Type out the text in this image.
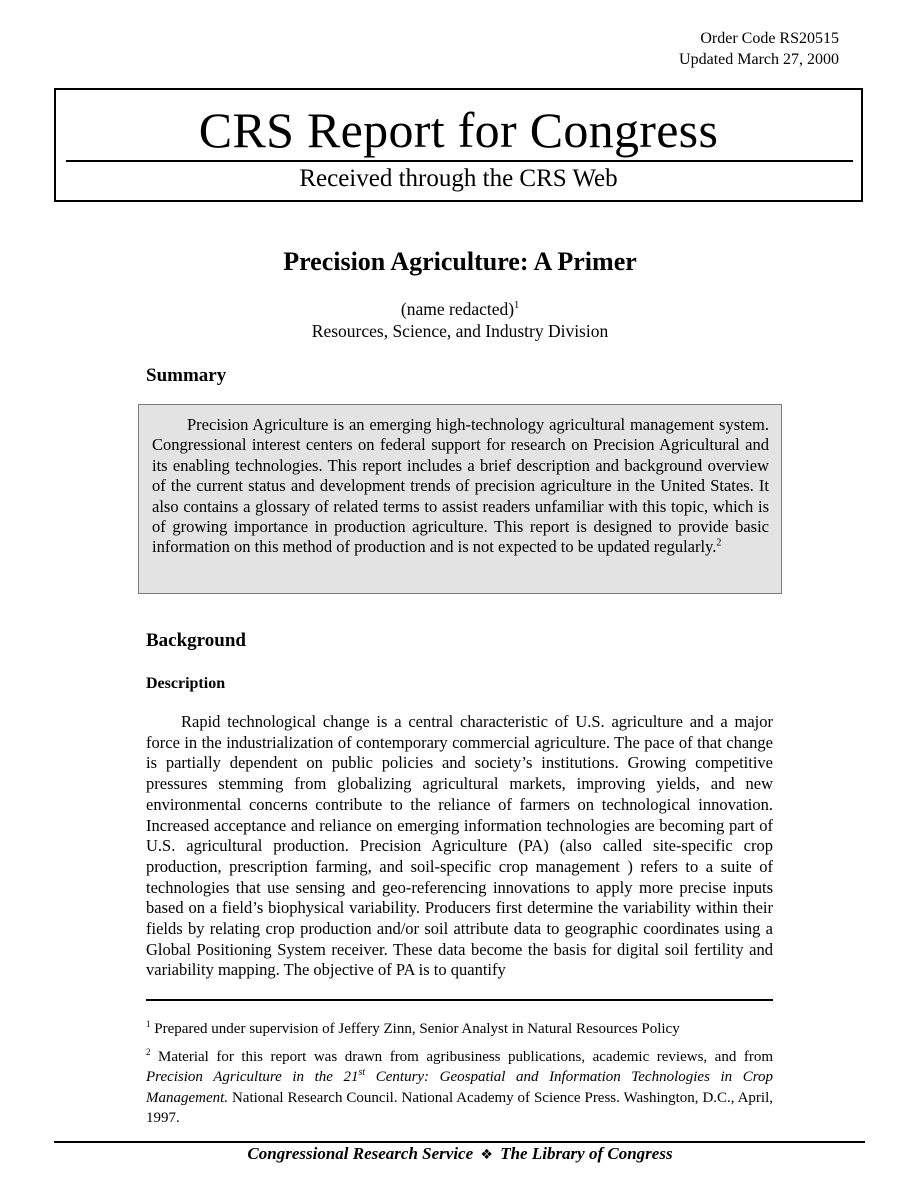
Order Code RS20515
Updated March 27, 2000
CRS Report for Congress
Received through the CRS Web
Precision Agriculture: A Primer
(name redacted)$^1$
Resources, Science, and Industry Division
Summary

Precision Agriculture is an emerging high-technology agricultural management system. Congressional interest centers on federal support for research on Precision Agricultural and its enabling technologies. This report includes a brief description and background overview of the current status and development trends of precision agriculture in the United States. It also contains a glossary of related terms to assist readers unfamiliar with this topic, which is of growing importance in production agriculture. This report is designed to provide basic information on this method of production and is not expected to be updated regularly.$^2$

Background
Description

Rapid technological change is a central characteristic of U.S. agriculture and a major force in the industrialization of contemporary commercial agriculture. The pace of that change is partially dependent on public policies and society’s institutions. Growing competitive pressures stemming from globalizing agricultural markets, improving yields, and new environmental concerns contribute to the reliance of farmers on technological innovation. Increased acceptance and reliance on emerging information technologies are becoming part of U.S. agricultural production. Precision Agriculture (PA) (also called site-specific crop production, prescription farming, and soil-specific crop management ) refers to a suite of technologies that use sensing and geo-referencing innovations to apply more precise inputs based on a field’s biophysical variability. Producers first determine the variability within their fields by relating crop production and/or soil attribute data to geographic coordinates using a Global Positioning System receiver. These data become the basis for digital soil fertility and variability mapping. The objective of PA is to quantify

$^1$ Prepared under supervision of Jeffery Zinn, Senior Analyst in Natural Resources Policy
$^2$ Material for this report was drawn from agribusiness publications, academic reviews, and from Precision Agriculture in the 21st Century: Geospatial and Information Technologies in Crop Management. National Research Council. National Academy of Science Press. Washington, D.C., April, 1997.
Congressional Research Service ❖ The Library of Congress
